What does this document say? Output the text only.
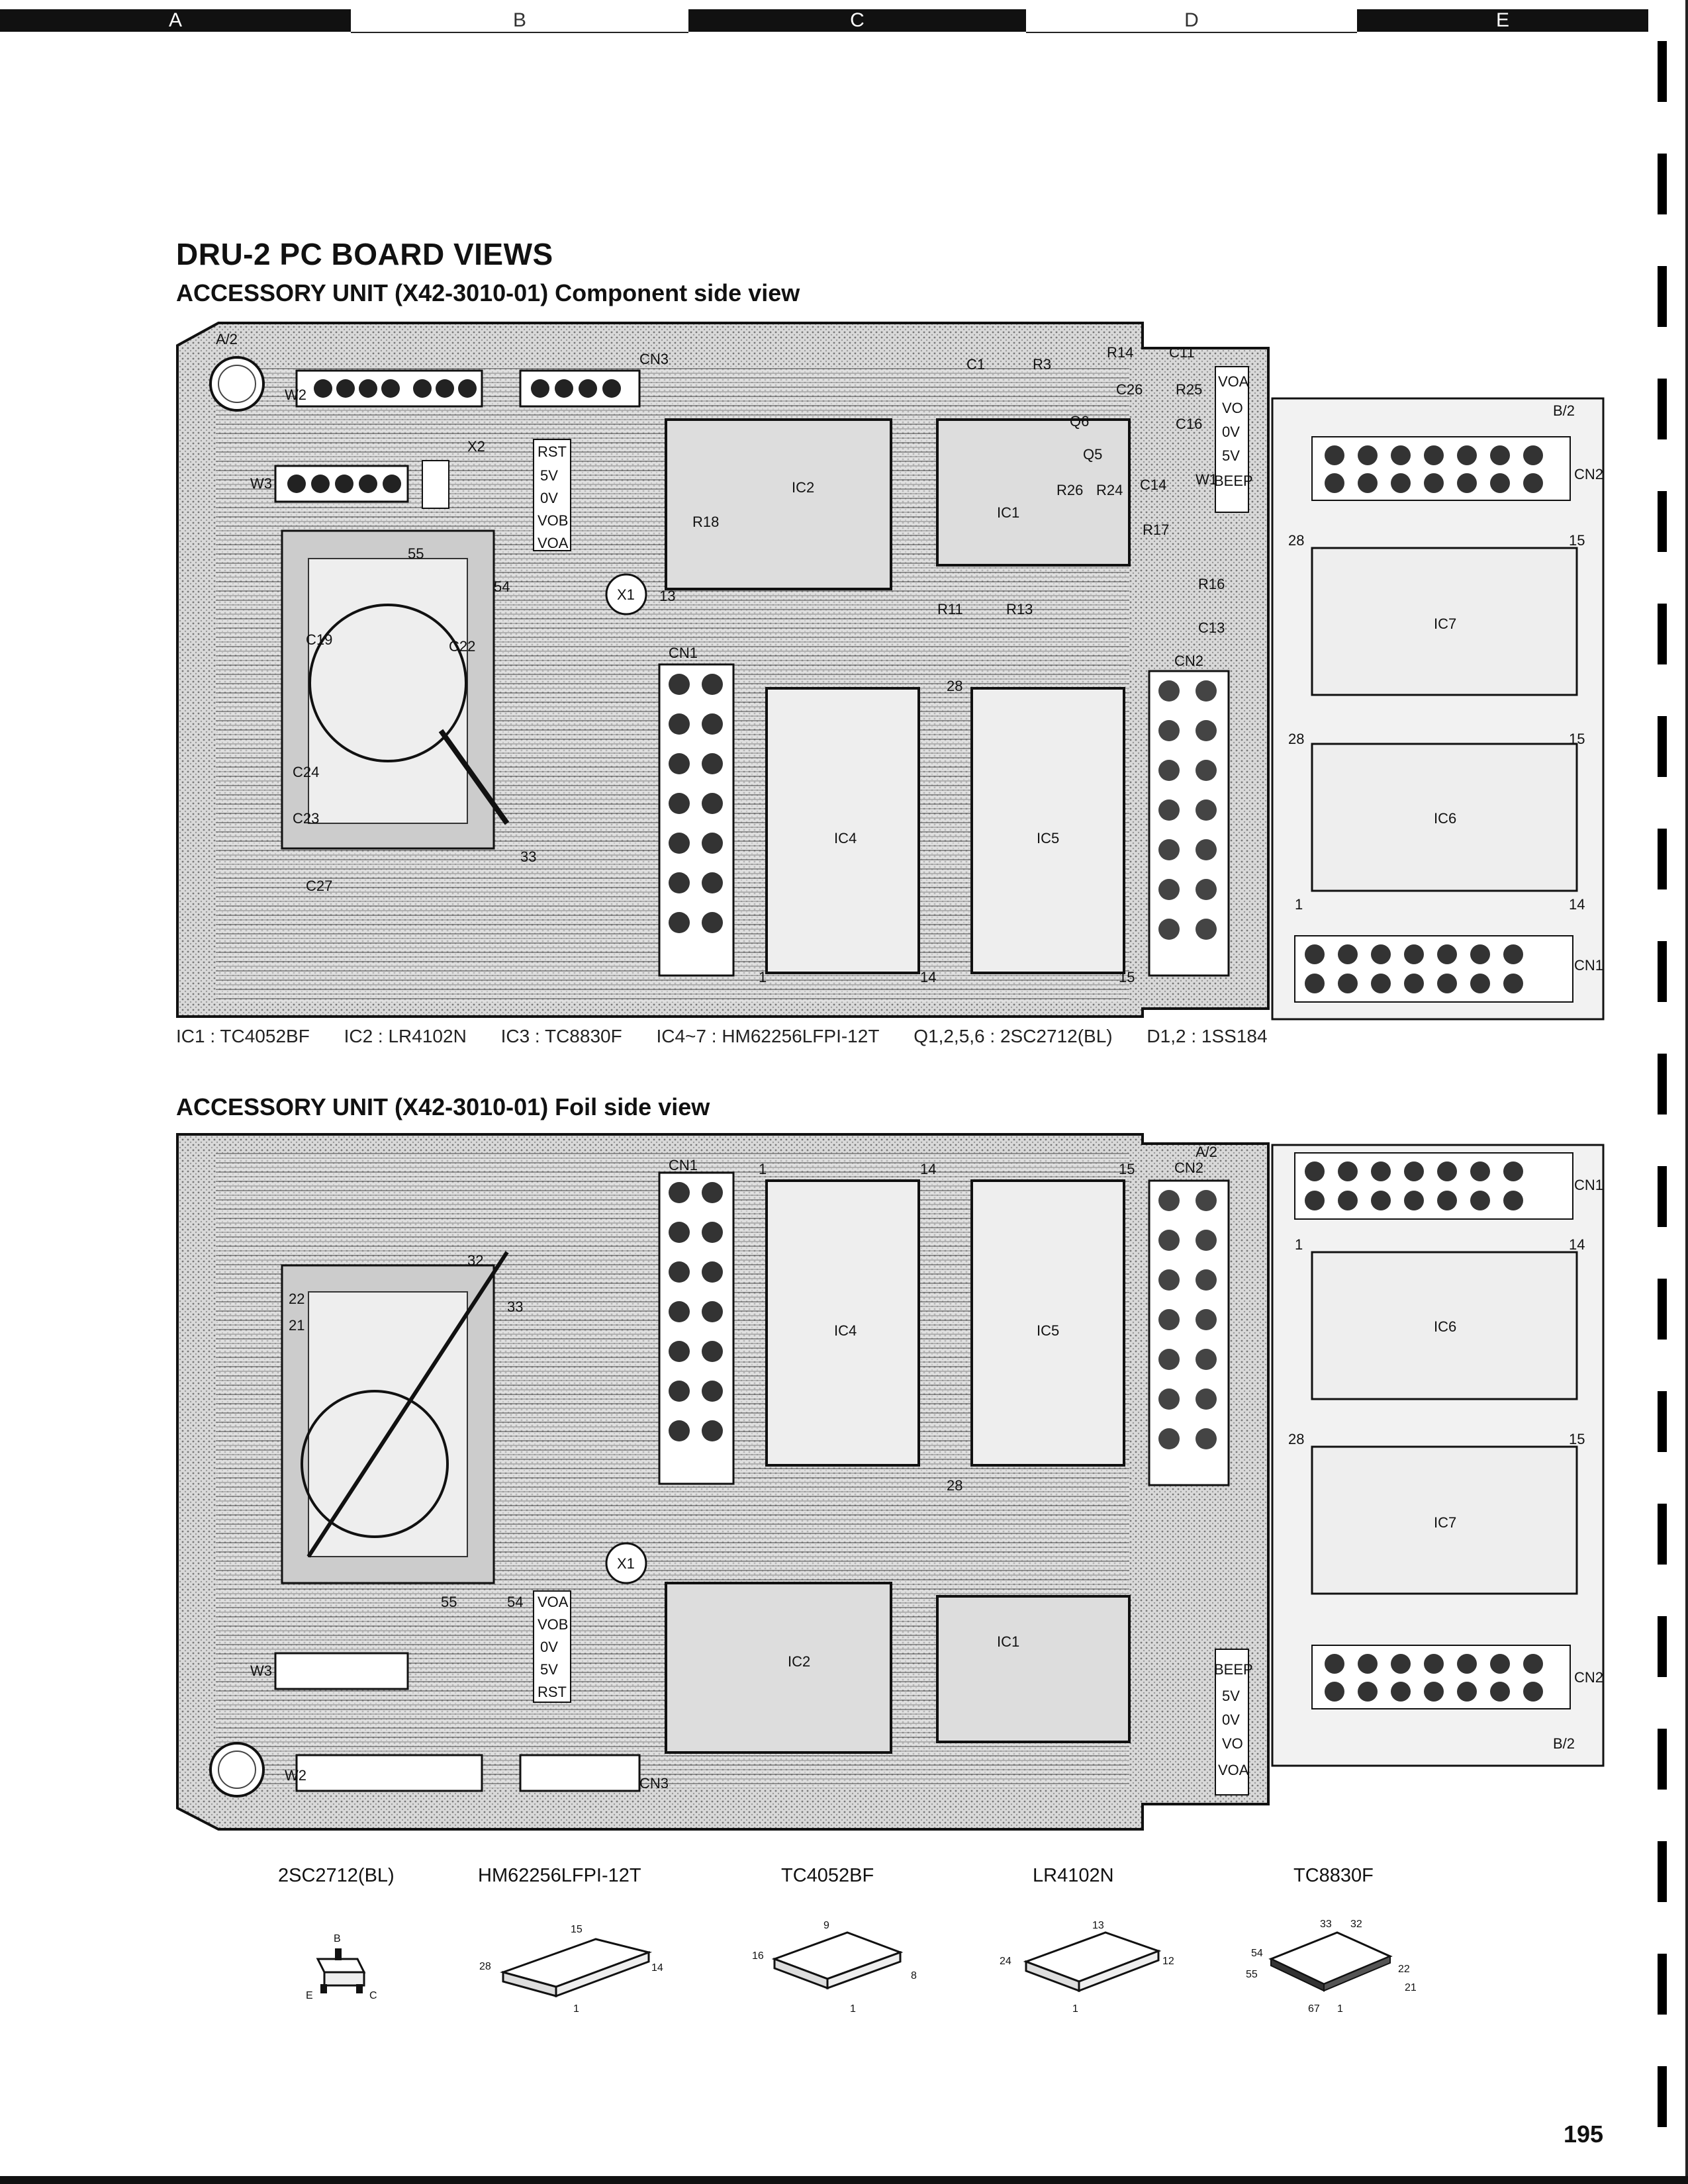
A	B	C	D	E
DRU-2 PC BOARD VIEWS
ACCESSORY UNIT (X42-3010-01) Component side view
A/2
B/2
W2
CN3
W3
RST
5V
0V
VOB
VOA
X2
55
54
33
C27
C24
C23
C19	C22
IC2
R18
X1 13
IC1
C1	R3
R14 C11
C26 R25
C16
R26 R24 C14
R17
R16
C13
R11	R13
Q6
Q5
VOA
VO
0V
5V
W1
BEEP
CN1
IC4	IC5
1	14
28
15
CN2
CN2
IC7
28	15
IC6
28	15
1	14
CN1
IC1 : TC4052BF IC2 : LR4102N IC3 : TC8830F IC4~7 : HM62256LFPI-12T Q1,2,5,6 : 2SC2712(BL) D1,2 : 1SS184
ACCESSORY UNIT (X42-3010-01) Foil side view
A/2
B/2
CN1
IC4	IC5
1	14
28
15	CN2
32
33
22
21
55	54
IC2
X1
IC1
VOA
VOB
0V
5V
RST
BEEP
5V
0V
VO
VOA
W2	CN3
W3
CN1
IC6
IC7
1	14
28	15
CN2
2SC2712(BL)	HM62256LFPI-12T	TC4052BF	LR4102N	TC8830F
B
E	C
15
28	14
1
9
16
8
1
13
24	12
1
33 32
54
22
55
21
67 1
195
